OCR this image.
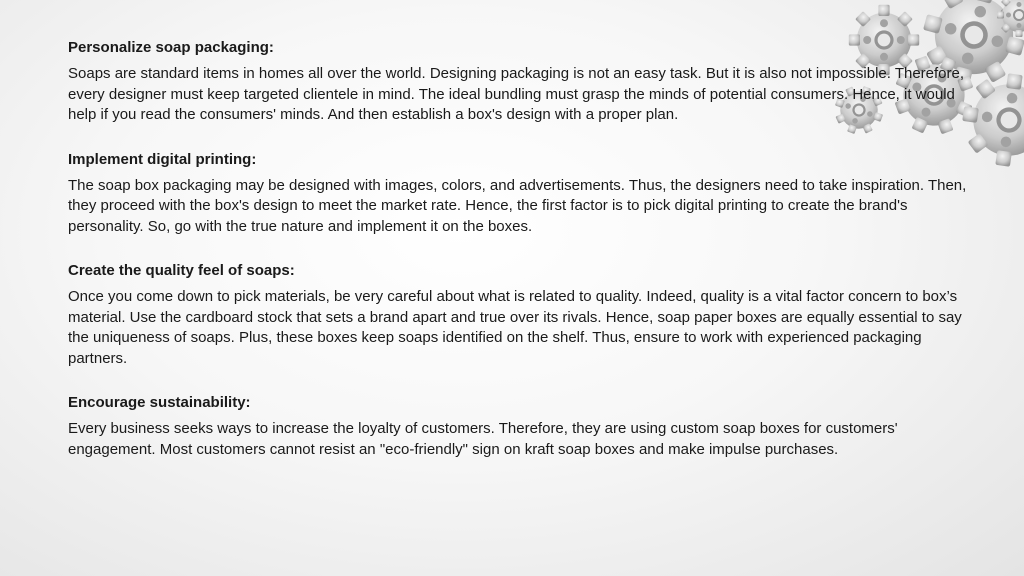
Personalize soap packaging:

Soaps are standard items in homes all over the world. Designing packaging is not an easy task. But it is also not impossible. Therefore, every designer must keep targeted clientele in mind. The ideal bundling must grasp the minds of potential consumers. Hence, it would help if you read the consumers' minds. And then establish a box's design with a proper plan.

Implement digital printing:

The soap box packaging may be designed with images, colors, and advertisements. Thus, the designers need to take inspiration. Then, they proceed with the box's design to meet the market rate. Hence, the first factor is to pick digital printing to create the brand's personality. So, go with the true nature and implement it on the boxes.

Create the quality feel of soaps:

Once you come down to pick materials, be very careful about what is related to quality. Indeed, quality is a vital factor concern to box’s material. Use the cardboard stock that sets a brand apart and true over its rivals. Hence, soap paper boxes are equally essential to say the uniqueness of soaps. Plus, these boxes keep soaps identified on the shelf. Thus, ensure to work with experienced packaging partners.

Encourage sustainability:

Every business seeks ways to increase the loyalty of customers. Therefore, they are using custom soap boxes for customers' engagement. Most customers cannot resist an "eco-friendly" sign on kraft soap boxes and make impulse purchases.
